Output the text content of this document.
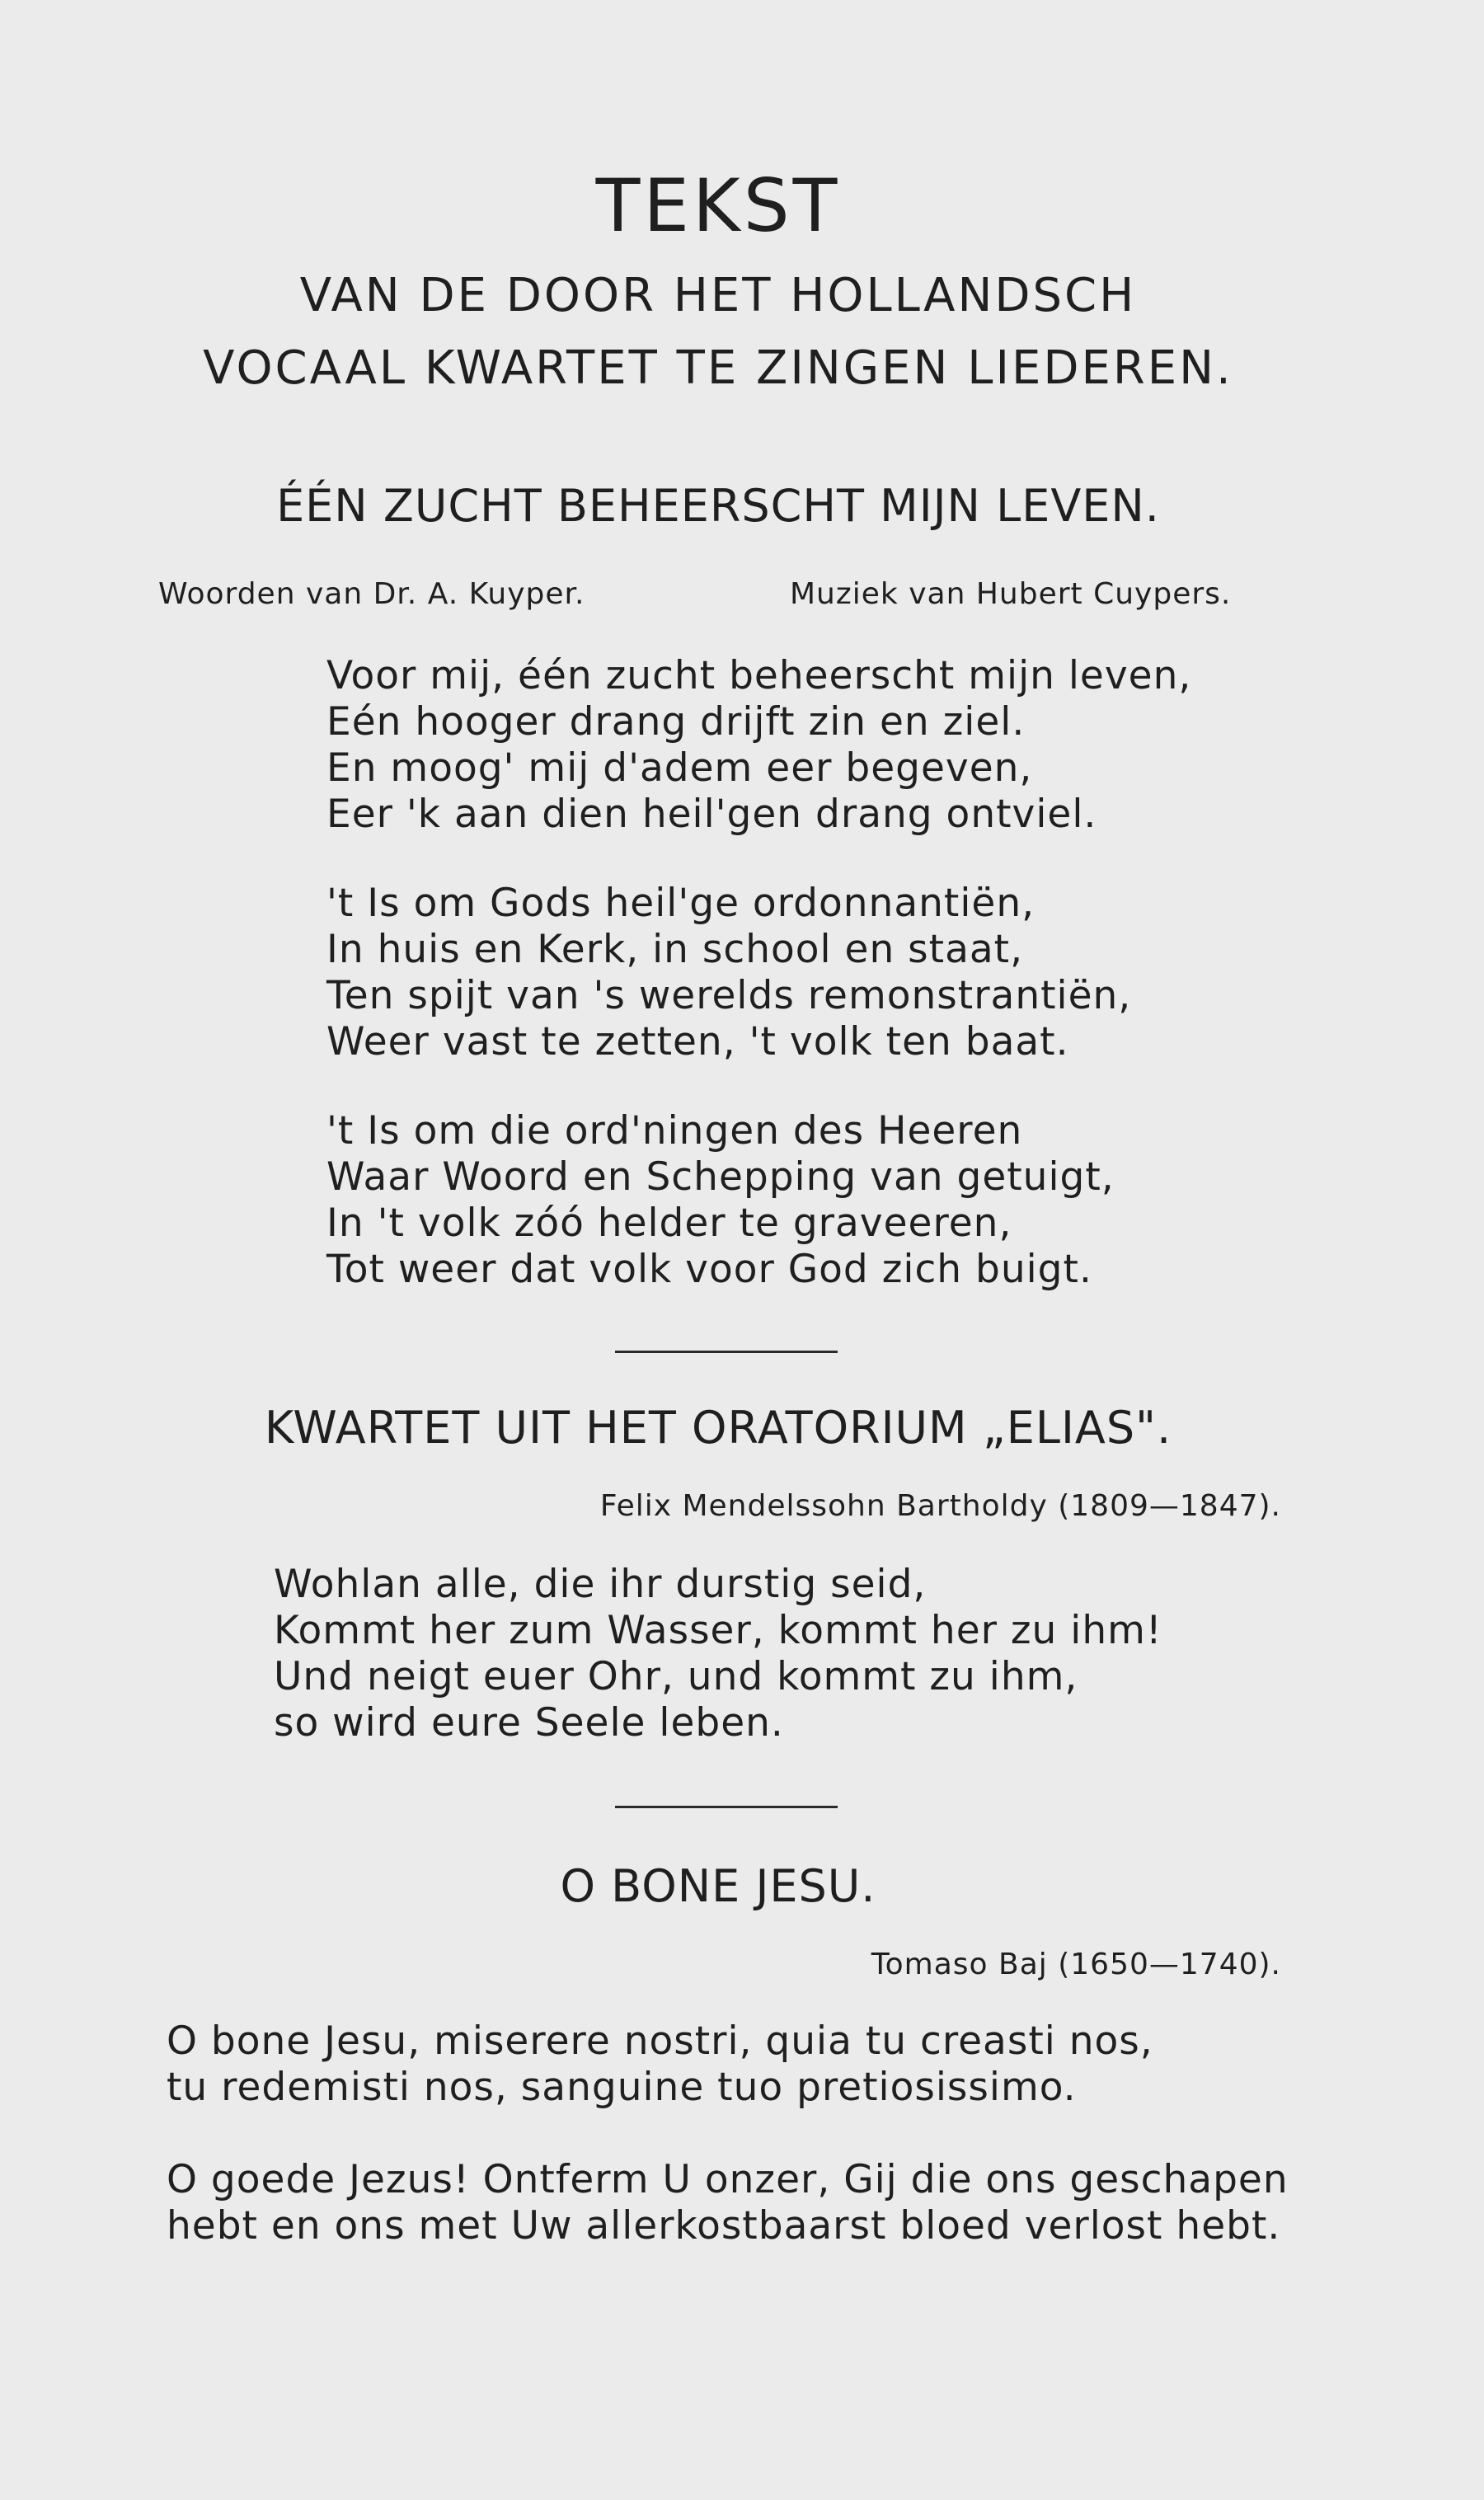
TEKST
VAN DE DOOR HET HOLLANDSCH
VOCAAL KWARTET TE ZINGEN LIEDEREN.
ÉÉN ZUCHT BEHEERSCHT MIJN LEVEN.
Woorden van Dr. A. Kuyper.	Muziek van Hubert Cuypers.
Voor mij, één zucht beheerscht mijn leven,
Eén hooger drang drijft zin en ziel.
En moog' mij d'adem eer begeven,
Eer 'k aan dien heil'gen drang ontviel.
't Is om Gods heil'ge ordonnantiën,
In huis en Kerk, in school en staat,
Ten spijt van 's werelds remonstrantiën,
Weer vast te zetten, 't volk ten baat.
't Is om die ord'ningen des Heeren
Waar Woord en Schepping van getuigt,
In 't volk zóó helder te graveeren,
Tot weer dat volk voor God zich buigt.
KWARTET UIT HET ORATORIUM „ELIAS".
Felix Mendelssohn Bartholdy (1809—1847).
Wohlan alle, die ihr durstig seid,
Kommt her zum Wasser, kommt her zu ihm!
Und neigt euer Ohr, und kommt zu ihm,
so wird eure Seele leben.
O BONE JESU.
Tomaso Baj (1650—1740).
O bone Jesu, miserere nostri, quia tu creasti nos,
tu redemisti nos, sanguine tuo pretiosissimo.
O goede Jezus! Ontferm U onzer, Gij die ons geschapen
hebt en ons met Uw allerkostbaarst bloed verlost hebt.
